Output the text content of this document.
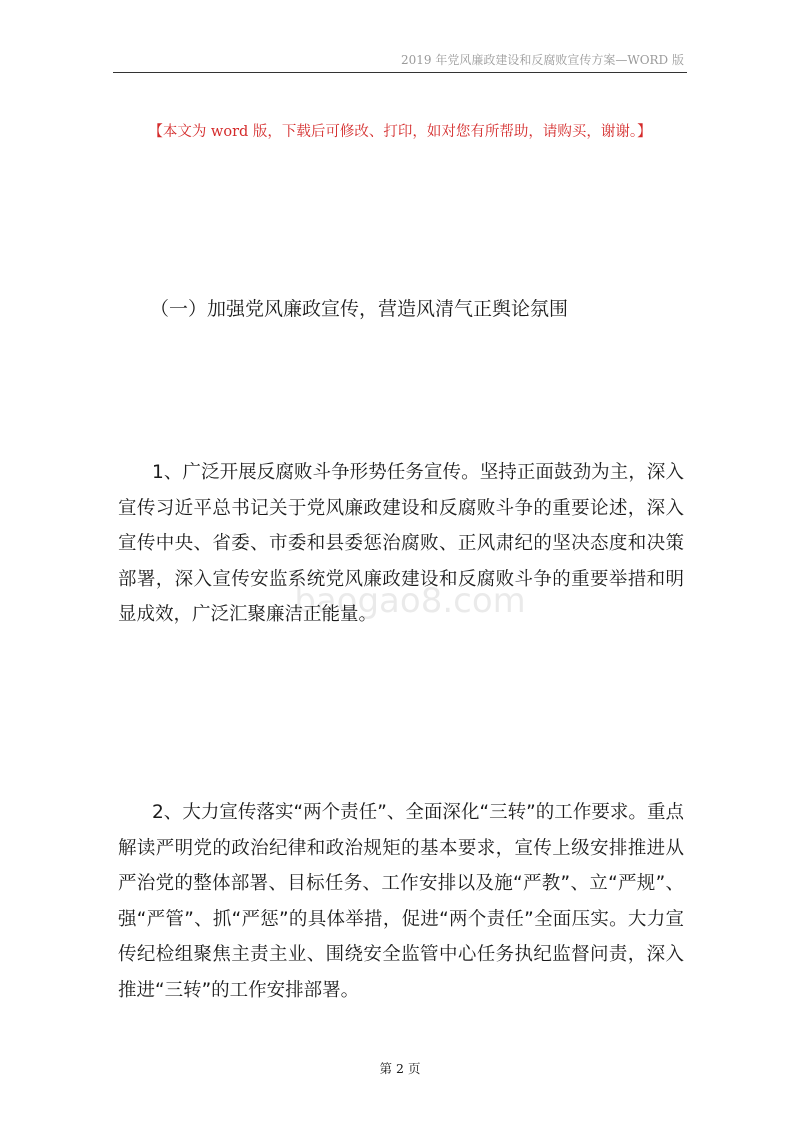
2019 年党风廉政建设和反腐败宣传方案—WORD 版
【本文为 word 版，下载后可修改、打印，如对您有所帮助，请购买，谢谢。】
（一）加强党风廉政宣传，营造风清气正舆论氛围

1、广泛开展反腐败斗争形势任务宣传。坚持正面鼓劲为主，深入宣传习近平总书记关于党风廉政建设和反腐败斗争的重要论述，深入宣传中央、省委、市委和县委惩治腐败、正风肃纪的坚决态度和决策部署，深入宣传安监系统党风廉政建设和反腐败斗争的重要举措和明显成效，广泛汇聚廉洁正能量。

baogao8.com

2、大力宣传落实“两个责任”、全面深化“三转”的工作要求。重点解读严明党的政治纪律和政治规矩的基本要求，宣传上级安排推进从严治党的整体部署、目标任务、工作安排以及施“严教”、立“严规”、强“严管”、抓“严惩”的具体举措，促进“两个责任”全面压实。大力宣传纪检组聚焦主责主业、围绕安全监管中心任务执纪监督问责，深入推进“三转”的工作安排部署。

第 2 页
